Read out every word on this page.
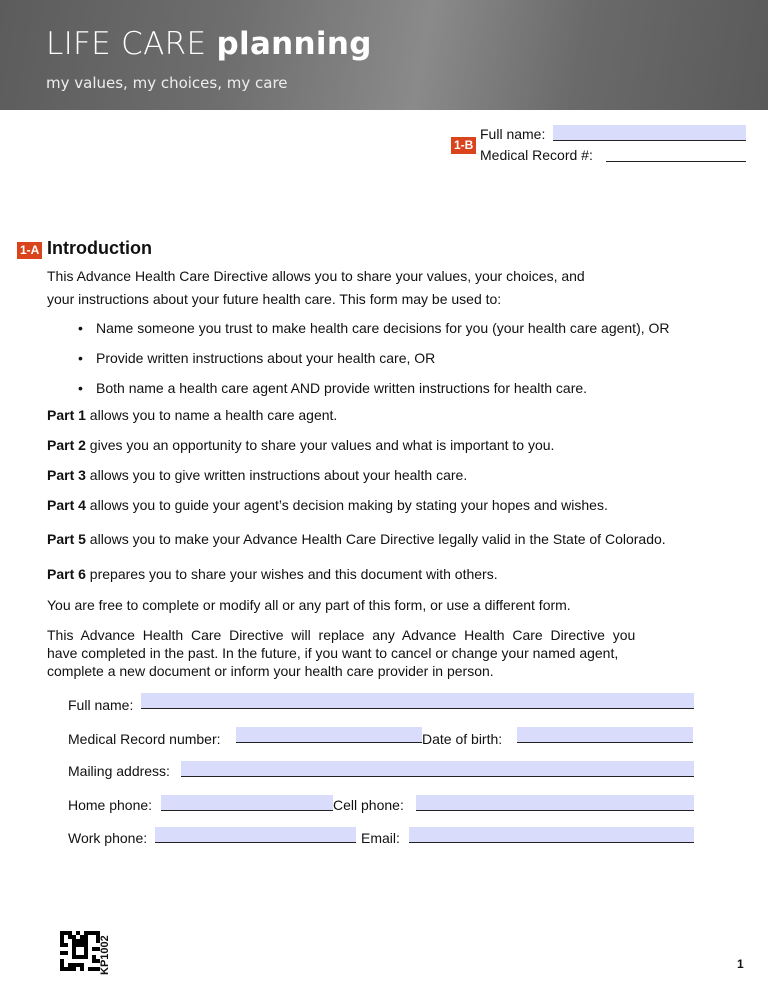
LIFE CARE planning
my values, my choices, my care
1-B
Full name:
Medical Record #:
1-A Introduction
This Advance Health Care Directive allows you to share your values, your choices, and
your instructions about your future health care. This form may be used to:
• Name someone you trust to make health care decisions for you (your health care agent), OR
• Provide written instructions about your health care, OR
• Both name a health care agent AND provide written instructions for health care.
Part 1 allows you to name a health care agent.
Part 2 gives you an opportunity to share your values and what is important to you.
Part 3 allows you to give written instructions about your health care.
Part 4 allows you to guide your agent’s decision making by stating your hopes and wishes.
Part 5 allows you to make your Advance Health Care Directive legally valid in the State of Colorado.
Part 6 prepares you to share your wishes and this document with others.
You are free to complete or modify all or any part of this form, or use a different form.
This  Advance  Health  Care  Directive  will  replace  any  Advance  Health  Care  Directive  you
have completed in the past. In the future, if you want to cancel or change your named agent,
complete a new document or inform your health care provider in person.
Full name:
Medical Record number:	Date of birth:
Mailing address:
Home phone:	Cell phone:
Work phone:	Email:
KP1002	1
